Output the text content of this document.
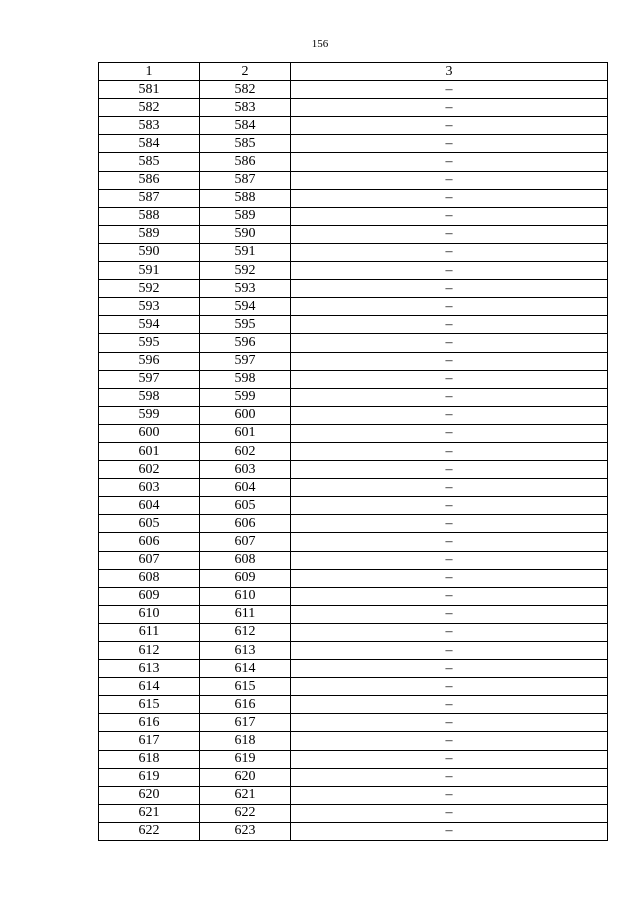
156
1	2	3
581	582	–
582	583	–
583	584	–
584	585	–
585	586	–
586	587	–
587	588	–
588	589	–
589	590	–
590	591	–
591	592	–
592	593	–
593	594	–
594	595	–
595	596	–
596	597	–
597	598	–
598	599	–
599	600	–
600	601	–
601	602	–
602	603	–
603	604	–
604	605	–
605	606	–
606	607	–
607	608	–
608	609	–
609	610	–
610	611	–
611	612	–
612	613	–
613	614	–
614	615	–
615	616	–
616	617	–
617	618	–
618	619	–
619	620	–
620	621	–
621	622	–
622	623	–
